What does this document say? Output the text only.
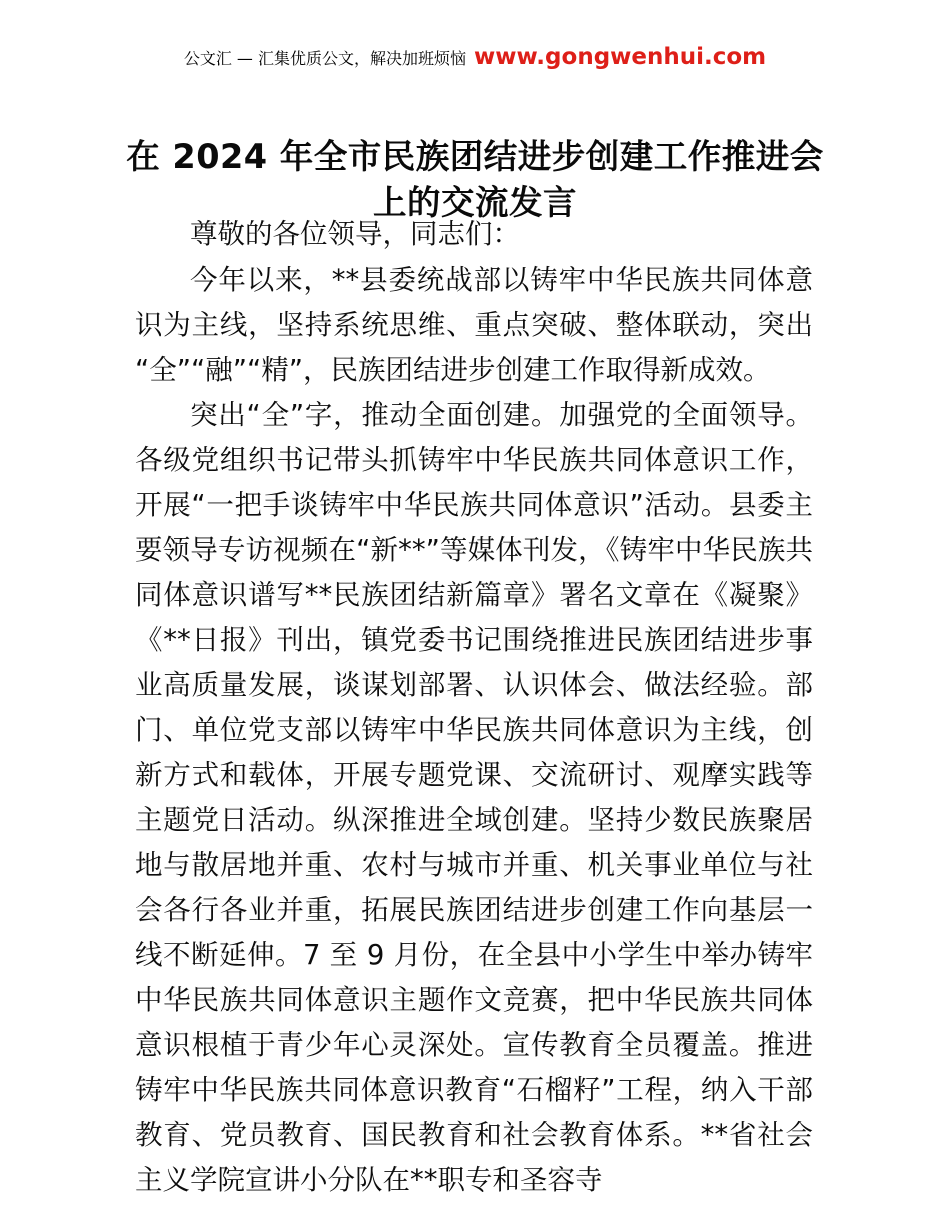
公文汇 — 汇集优质公文，解决加班烦恼 www.gongwenhui.com
在 2024 年全市民族团结进步创建工作推进会上的交流发言

尊敬的各位领导，同志们：

今年以来，**县委统战部以铸牢中华民族共同体意识为主线，坚持系统思维、重点突破、整体联动，突出“全”“融”“精”，民族团结进步创建工作取得新成效。

突出“全”字，推动全面创建。加强党的全面领导。各级党组织书记带头抓铸牢中华民族共同体意识工作，开展“一把手谈铸牢中华民族共同体意识”活动。县委主要领导专访视频在“新**”等媒体刊发，《铸牢中华民族共同体意识谱写**民族团结新篇章》署名文章在《凝聚》《**日报》刊出，镇党委书记围绕推进民族团结进步事业高质量发展，谈谋划部署、认识体会、做法经验。部门、单位党支部以铸牢中华民族共同体意识为主线，创新方式和载体，开展专题党课、交流研讨、观摩实践等主题党日活动。纵深推进全域创建。坚持少数民族聚居地与散居地并重、农村与城市并重、机关事业单位与社会各行各业并重，拓展民族团结进步创建工作向基层一线不断延伸。7 至 9 月份，在全县中小学生中举办铸牢中华民族共同体意识主题作文竞赛，把中华民族共同体意识根植于青少年心灵深处。宣传教育全员覆盖。推进铸牢中华民族共同体意识教育“石榴籽”工程，纳入干部教育、党员教育、国民教育和社会教育体系。**省社会主义学院宣讲小分队在**职专和圣容寺
